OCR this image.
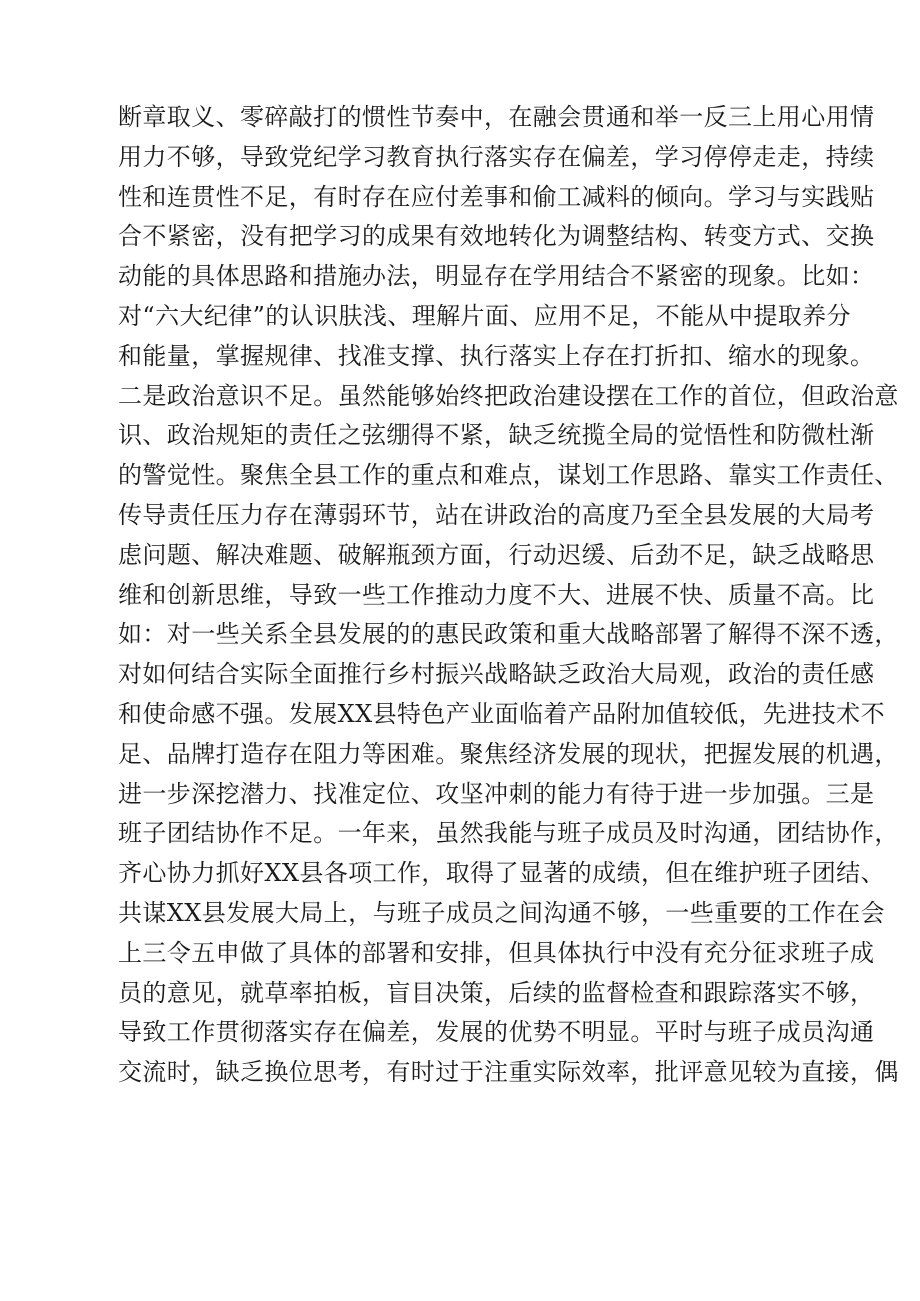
断章取义、零碎敲打的惯性节奏中，在融会贯通和举一反三上用心用情
用力不够，导致党纪学习教育执行落实存在偏差，学习停停走走，持续
性和连贯性不足，有时存在应付差事和偷工减料的倾向。学习与实践贴
合不紧密，没有把学习的成果有效地转化为调整结构、转变方式、交换
动能的具体思路和措施办法，明显存在学用结合不紧密的现象。比如：
对“六大纪律”的认识肤浅、理解片面、应用不足，不能从中提取养分
和能量，掌握规律、找准支撑、执行落实上存在打折扣、缩水的现象。
二是政治意识不足。虽然能够始终把政治建设摆在工作的首位，但政治意
识、政治规矩的责任之弦绷得不紧，缺乏统揽全局的觉悟性和防微杜渐
的警觉性。聚焦全县工作的重点和难点，谋划工作思路、靠实工作责任、
传导责任压力存在薄弱环节，站在讲政治的高度乃至全县发展的大局考
虑问题、解决难题、破解瓶颈方面，行动迟缓、后劲不足，缺乏战略思
维和创新思维，导致一些工作推动力度不大、进展不快、质量不高。比
如：对一些关系全县发展的的惠民政策和重大战略部署了解得不深不透，
对如何结合实际全面推行乡村振兴战略缺乏政治大局观，政治的责任感
和使命感不强。发展XX县特色产业面临着产品附加值较低，先进技术不
足、品牌打造存在阻力等困难。聚焦经济发展的现状，把握发展的机遇，
进一步深挖潜力、找准定位、攻坚冲刺的能力有待于进一步加强。三是
班子团结协作不足。一年来，虽然我能与班子成员及时沟通，团结协作，
齐心协力抓好XX县各项工作，取得了显著的成绩，但在维护班子团结、
共谋XX县发展大局上，与班子成员之间沟通不够，一些重要的工作在会
上三令五申做了具体的部署和安排，但具体执行中没有充分征求班子成
员的意见，就草率拍板，盲目决策，后续的监督检查和跟踪落实不够，
导致工作贯彻落实存在偏差，发展的优势不明显。平时与班子成员沟通
交流时，缺乏换位思考，有时过于注重实际效率，批评意见较为直接，偶
